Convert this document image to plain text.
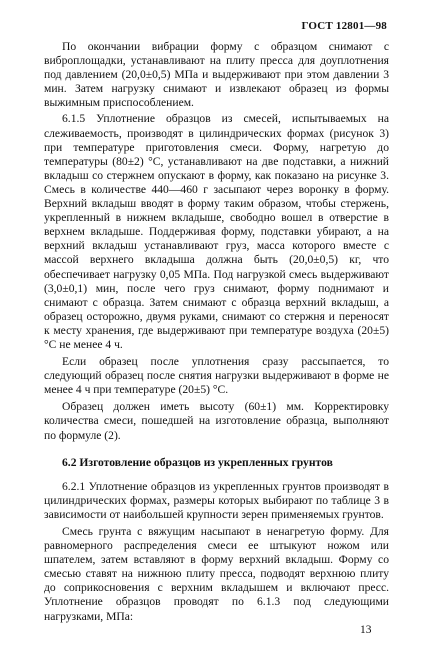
ГОСТ 12801—98

По окончании вибрации форму с образцом снимают с виброплощадки, устанавливают на плиту пресса для доуплотнения под давлением (20,0±0,5) МПа и выдерживают при этом давлении 3 мин. Затем нагрузку снимают и извлекают образец из формы выжимным приспособлением.

6.1.5 Уплотнение образцов из смесей, испытываемых на слеживаемость, производят в цилиндрических формах (рисунок 3) при температуре приготовления смеси. Форму, нагретую до температуры (80±2) °С, устанавливают на две подставки, а нижний вкладыш со стержнем опускают в форму, как показано на рисунке 3. Смесь в количестве 440—460 г засыпают через воронку в форму. Верхний вкладыш вводят в форму таким образом, чтобы стержень, укрепленный в нижнем вкладыше, свободно вошел в отверстие в верхнем вкладыше. Поддерживая форму, подставки убирают, а на верхний вкладыш устанавливают груз, масса которого вместе с массой верхнего вкладыша должна быть (20,0±0,5) кг, что обеспечивает нагрузку 0,05 МПа. Под нагрузкой смесь выдерживают (3,0±0,1) мин, после чего груз снимают, форму поднимают и снимают с образца. Затем снимают с образца верхний вкладыш, а образец осторожно, двумя руками, снимают со стержня и переносят к месту хранения, где выдерживают при температуре воздуха (20±5) °С не менее 4 ч.

Если образец после уплотнения сразу рассыпается, то следующий образец после снятия нагрузки выдерживают в форме не менее 4 ч при температуре (20±5) °С.

Образец должен иметь высоту (60±1) мм. Корректировку количества смеси, пошедшей на изготовление образца, выполняют по формуле (2).

6.2 Изготовление образцов из укрепленных грунтов

6.2.1 Уплотнение образцов из укрепленных грунтов производят в цилиндрических формах, размеры которых выбирают по таблице 3 в зависимости от наибольшей крупности зерен применяемых грунтов.

Смесь грунта с вяжущим насыпают в ненагретую форму. Для равномерного распределения смеси ее штыкуют ножом или шпателем, затем вставляют в форму верхний вкладыш. Форму со смесью ставят на нижнюю плиту пресса, подводят верхнюю плиту до соприкосновения с верхним вкладышем и включают пресс. Уплотнение образцов проводят по 6.1.3 под следующими нагрузками, МПа:

13
